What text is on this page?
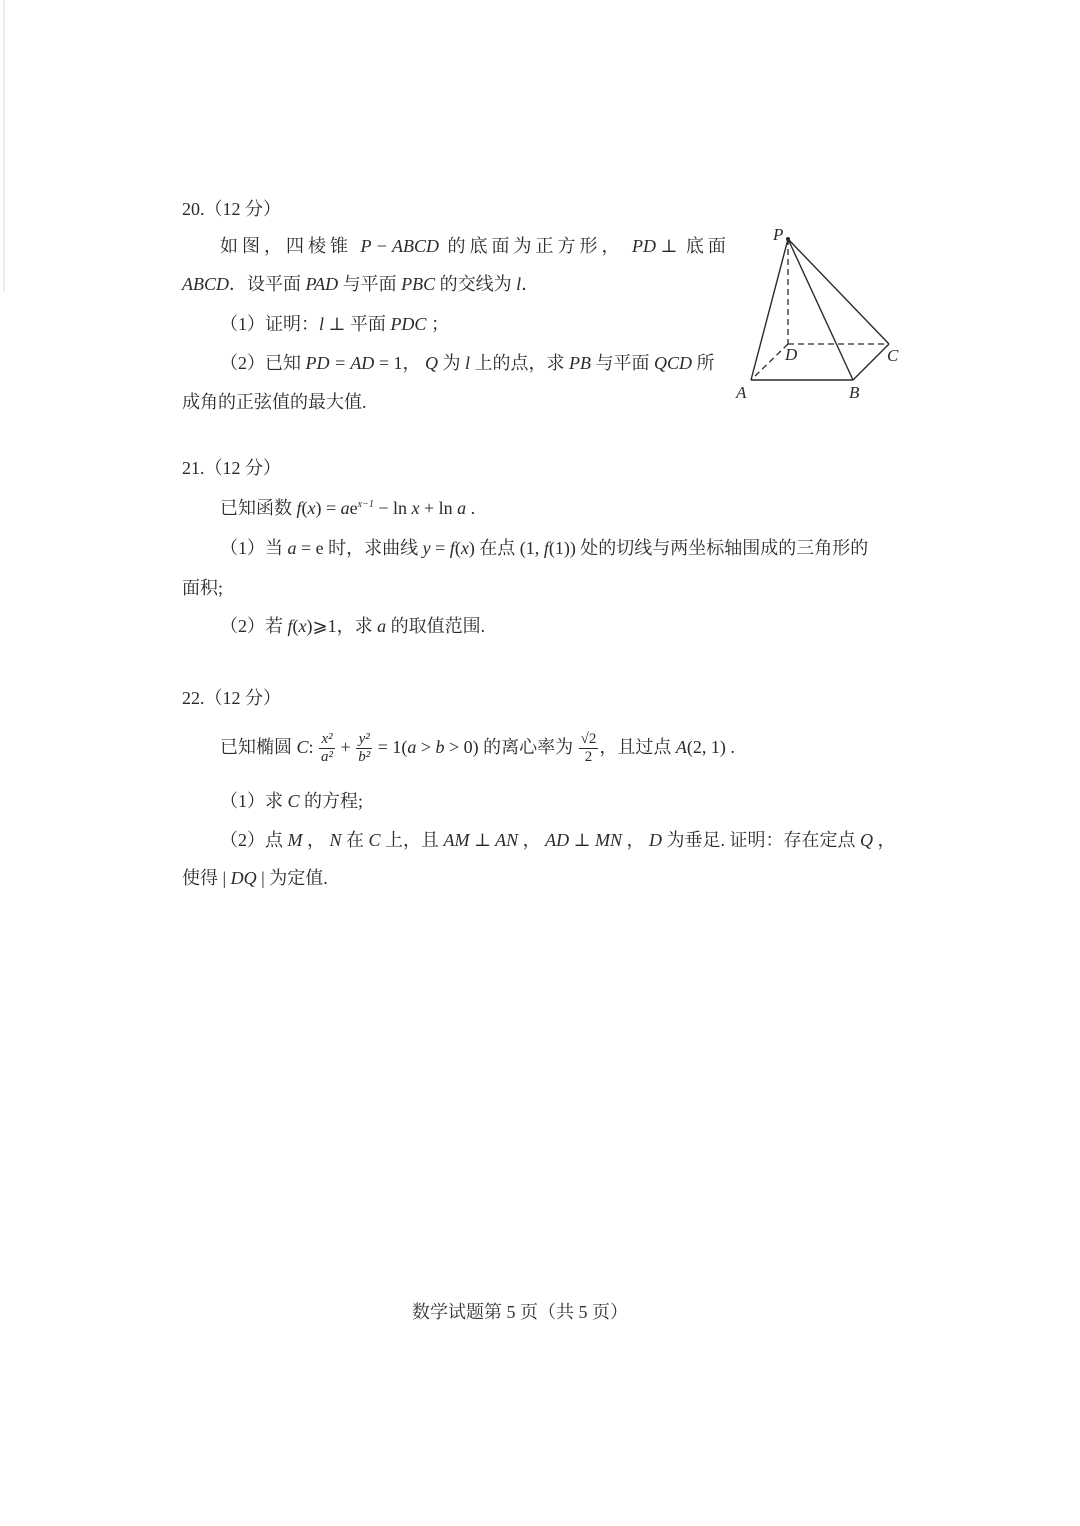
20.（12 分）
如图，四棱锥 P − ABCD 的底面为正方形， PD ⊥ 底面
ABCD．设平面 PAD 与平面 PBC 的交线为 l．
（1）证明：l ⊥ 平面 PDC ；
（2）已知 PD = AD = 1， Q 为 l 上的点，求 PB 与平面 QCD 所
成角的正弦值的最大值.
P
D	C
A	B
21.（12 分）
已知函数 $f(x) = ae^{x-1} - \ln x + \ln a$ .
（1）当 a = e 时，求曲线 y = f(x) 在点 (1, f(1)) 处的切线与两坐标轴围成的三角形的
面积;
（2）若 f(x)⩾1，求 a 的取值范围.
22.（12 分）
已知椭圆 C: $\frac{\text{x²}}{\text{a²}} + \frac{\text{y²}}{\text{b²}} = 1(a > b > 0)$ 的离心率为 $\frac{√2}{2}$ ，且过点 A(2, 1) .
（1）求 C 的方程;
（2）点 M ， N 在 C 上，且 AM ⊥ AN ， AD ⊥ MN ， D 为垂足. 证明：存在定点 Q ，
使得 | DQ | 为定值.
数学试题第 5 页（共 5 页）
